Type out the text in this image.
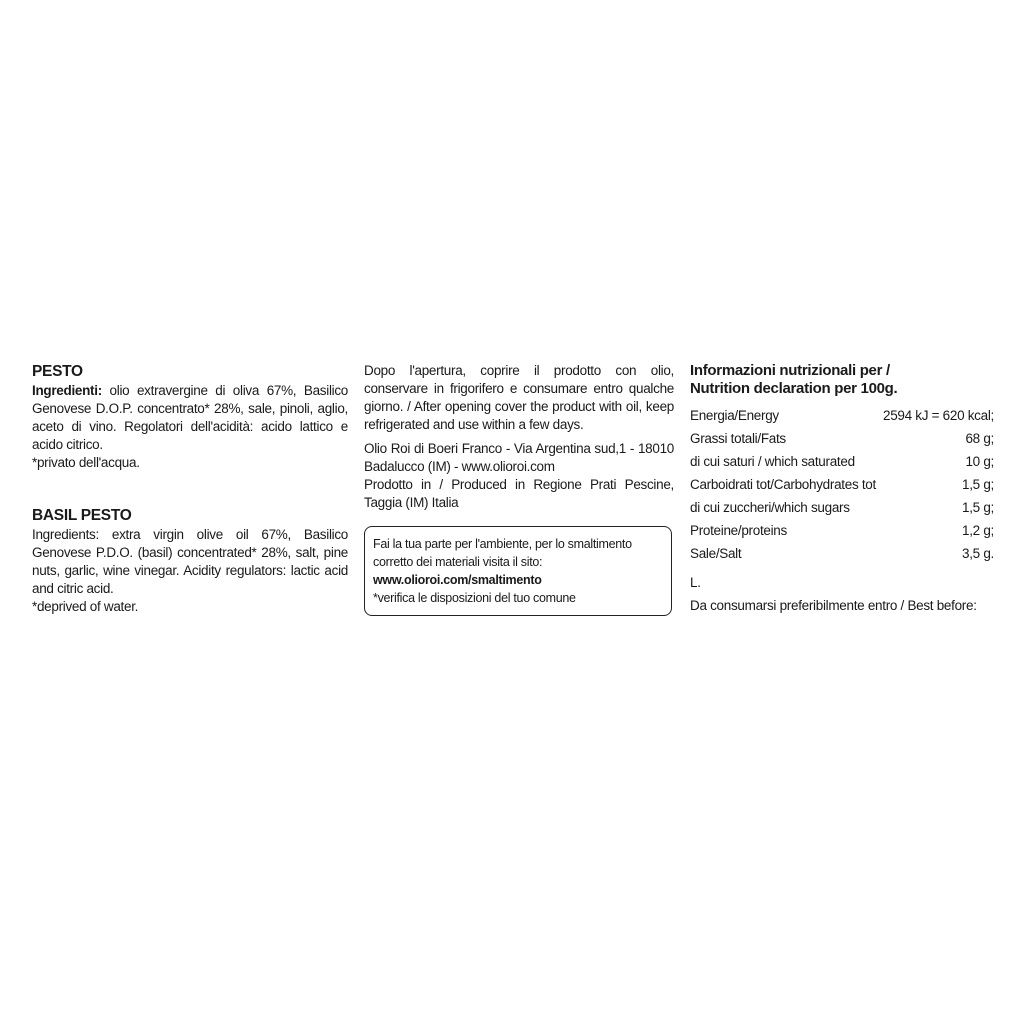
PESTO

Ingredienti: olio extravergine di oliva 67%, Basilico Genovese D.O.P. concentrato* 28%, sale, pinoli, aglio, aceto di vino. Regolatori dell'acidità: acido lattico e acido citrico.

*privato dell'acqua.

BASIL PESTO

Ingredients: extra virgin olive oil 67%, Basilico Genovese P.D.O. (basil) concentrated* 28%, salt, pine nuts, garlic, wine vinegar. Acidity regulators: lactic acid and citric acid.

*deprived of water.

Dopo l'apertura, coprire il prodotto con olio, conservare in frigorifero e consumare entro qualche giorno. / After opening cover the product with oil, keep refrigerated and use within a few days.

Olio Roi di Boeri Franco - Via Argentina sud,1 - 18010 Badalucco (IM) - www.olioroi.com

Prodotto in / Produced in Regione Prati Pescine, Taggia (IM) Italia

Fai la tua parte per l'ambiente, per lo smaltimento corretto dei materiali visita il sito:
www.olioroi.com/smaltimento
*verifica le disposizioni del tuo comune
Informazioni nutrizionali per /
Nutrition declaration per 100g.
Energia/Energy	2594 kJ = 620 kcal;
Grassi totali/Fats	68 g;
di cui saturi / which saturated	10 g;
Carboidrati tot/Carbohydrates tot	1,5 g;
di cui zuccheri/which sugars	1,5 g;
Proteine/proteins	1,2 g;
Sale/Salt	3,5 g.
L.
Da consumarsi preferibilmente entro / Best before:
